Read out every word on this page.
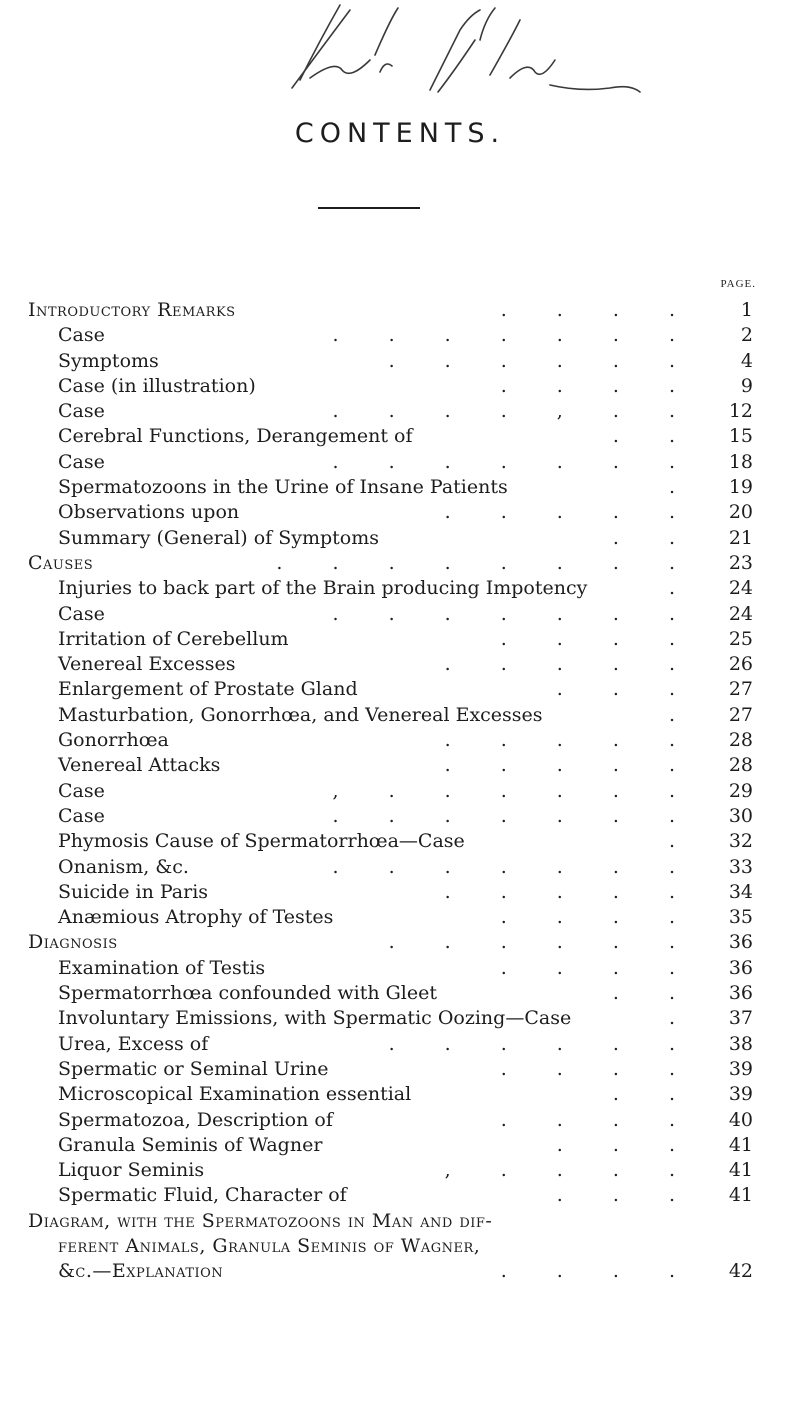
CONTENTS.
PAGE.
Introductory Remarks	. . . .	1
Case	. . . . . . .	2
Symptoms	. . . . . .	4
Case (in illustration)	. . . .	9
Case	. . . . , . .	12
Cerebral Functions, Derangement of	. .	15
Case	. . . . . . .	18
Spermatozoons in the Urine of Insane Patients	.	19
Observations upon	. . . . .	20
Summary (General) of Symptoms	. .	21
Causes	. . . . . . . .	23
Injuries to back part of the Brain producing Impotency	.	24
Case	. . . . . . .	24
Irritation of Cerebellum	. . . .	25
Venereal Excesses	. . . . .	26
Enlargement of Prostate Gland	. . .	27
Masturbation, Gonorrhœa, and Venereal Excesses	.	27
Gonorrhœa	. . . . .	28
Venereal Attacks	. . . . .	28
Case	, . . . . . .	29
Case	. . . . . . .	30
Phymosis Cause of Spermatorrhœa—Case	.	32
Onanism, &c.	. . . . . . .	33
Suicide in Paris	. . . . .	34
Anæmious Atrophy of Testes	. . . .	35
Diagnosis	. . . . . .	36
Examination of Testis	. . . .	36
Spermatorrhœa confounded with Gleet	. .	36
Involuntary Emissions, with Spermatic Oozing—Case	.	37
Urea, Excess of	. . . . . .	38
Spermatic or Seminal Urine	. . . .	39
Microscopical Examination essential	. .	39
Spermatozoa, Description of	. . . .	40
Granula Seminis of Wagner	. . .	41
Liquor Seminis	, . . . .	41
Spermatic Fluid, Character of	. . .	41
Diagram, with the Spermatozoons in Man and dif-
ferent Animals, Granula Seminis of Wagner,
&c.—Explanation	. . . .	42
